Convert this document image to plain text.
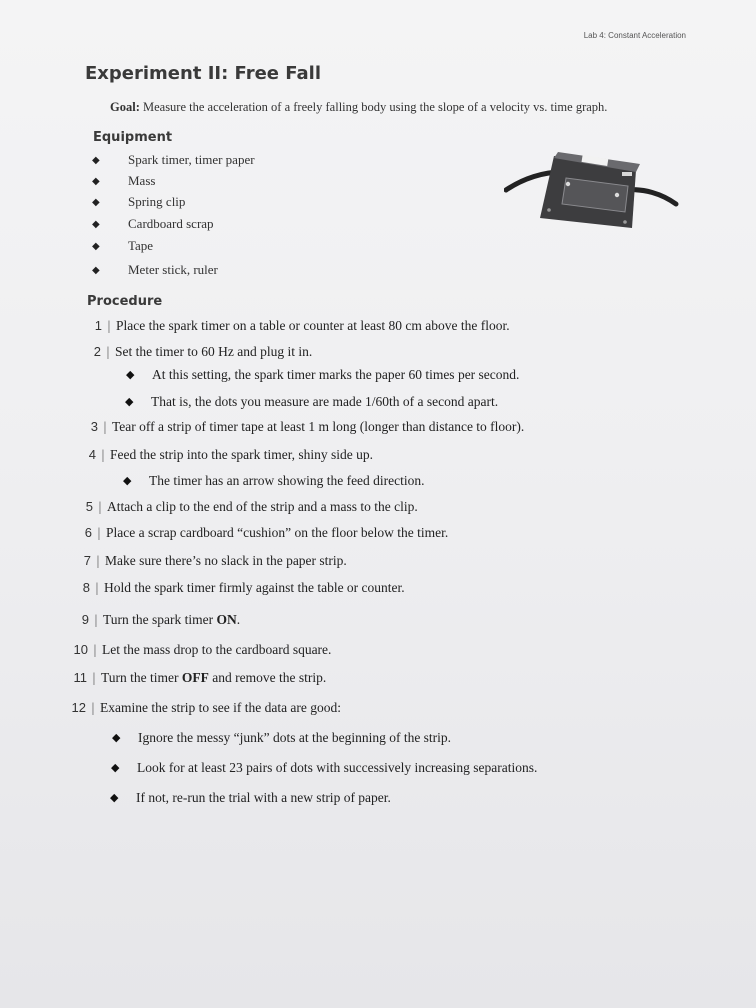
Lab 4: Constant Acceleration
Experiment II: Free Fall
Goal: Measure the acceleration of a freely falling body using the slope of a velocity vs. time graph.
Equipment
◆ Spark timer, timer paper
◆ Mass
◆ Spring clip
◆ Cardboard scrap
◆ Tape
◆ Meter stick, ruler
Procedure
1 | Place the spark timer on a table or counter at least 80 cm above the floor.
2 | Set the timer to 60 Hz and plug it in.
◆ At this setting, the spark timer marks the paper 60 times per second.
◆ That is, the dots you measure are made 1/60th of a second apart.
3 | Tear off a strip of timer tape at least 1 m long (longer than distance to floor).
4 | Feed the strip into the spark timer, shiny side up.
◆ The timer has an arrow showing the feed direction.
5 | Attach a clip to the end of the strip and a mass to the clip.
6 | Place a scrap cardboard “cushion” on the floor below the timer.
7 | Make sure there’s no slack in the paper strip.
8 | Hold the spark timer firmly against the table or counter.
9 | Turn the spark timer ON.
10 | Let the mass drop to the cardboard square.
11 | Turn the timer OFF and remove the strip.
12 | Examine the strip to see if the data are good:
◆ Ignore the messy “junk” dots at the beginning of the strip.
◆ Look for at least 23 pairs of dots with successively increasing separations.
◆ If not, re-run the trial with a new strip of paper.
